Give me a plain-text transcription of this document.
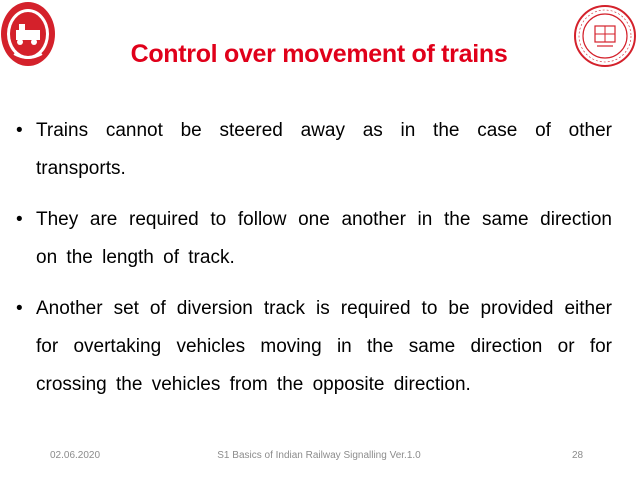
Control over movement of trains
• Trains cannot be steered away as in the case of other transports.
• They are required to follow one another in the same direction on the length of track.
• Another set of diversion track is required to be provided either for overtaking vehicles moving in the same direction or for crossing the vehicles from the opposite direction.
02.06.2020	S1 Basics of Indian Railway Signalling Ver.1.0	28
